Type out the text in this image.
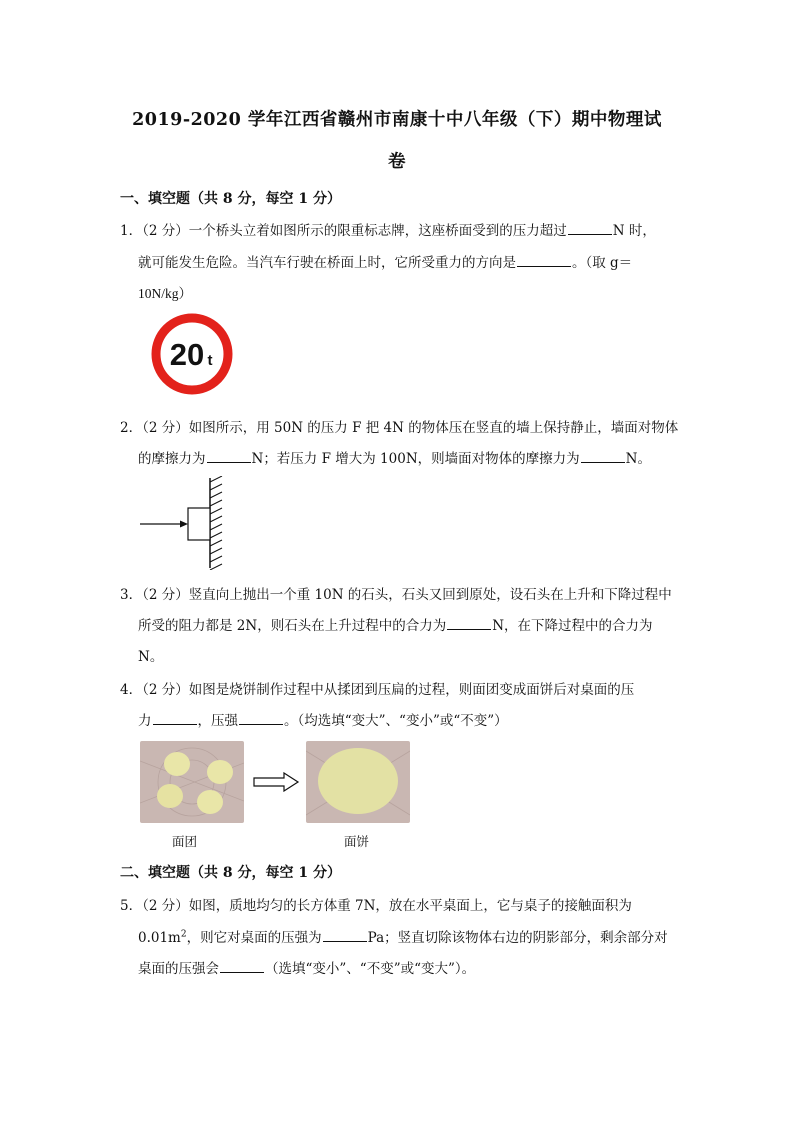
2019-2020 学年江西省赣州市南康十中八年级（下）期中物理试
卷
一、填空题（共 8 分，每空 1 分）
1．（2 分）一个桥头立着如图所示的限重标志牌，这座桥面受到的压力超过	N 时，
就可能发生危险。当汽车行驶在桥面上时，它所受重力的方向是	。（取 g＝
10N/kg）
20 t
2．（2 分）如图所示，用 50N 的压力 F 把 4N 的物体压在竖直的墙上保持静止，墙面对物体
的摩擦力为	N；若压力 F 增大为 100N，则墙面对物体的摩擦力为	N。
3．（2 分）竖直向上抛出一个重 10N 的石头，石头又回到原处，设石头在上升和下降过程中
所受的阻力都是 2N，则石头在上升过程中的合力为	N，在下降过程中的合力为
N。
4．（2 分）如图是烧饼制作过程中从揉团到压扁的过程，则面团变成面饼后对桌面的压
力	，压强	。（均选填“变大”、“变小”或“不变”）
面团	面饼
二、填空题（共 8 分，每空 1 分）
5．（2 分）如图，质地均匀的长方体重 7N，放在水平桌面上，它与桌子的接触面积为
$0.01m^2$，则它对桌面的压强为	Pa；竖直切除该物体右边的阴影部分，剩余部分对
桌面的压强会	（选填“变小”、“不变”或“变大”）。
